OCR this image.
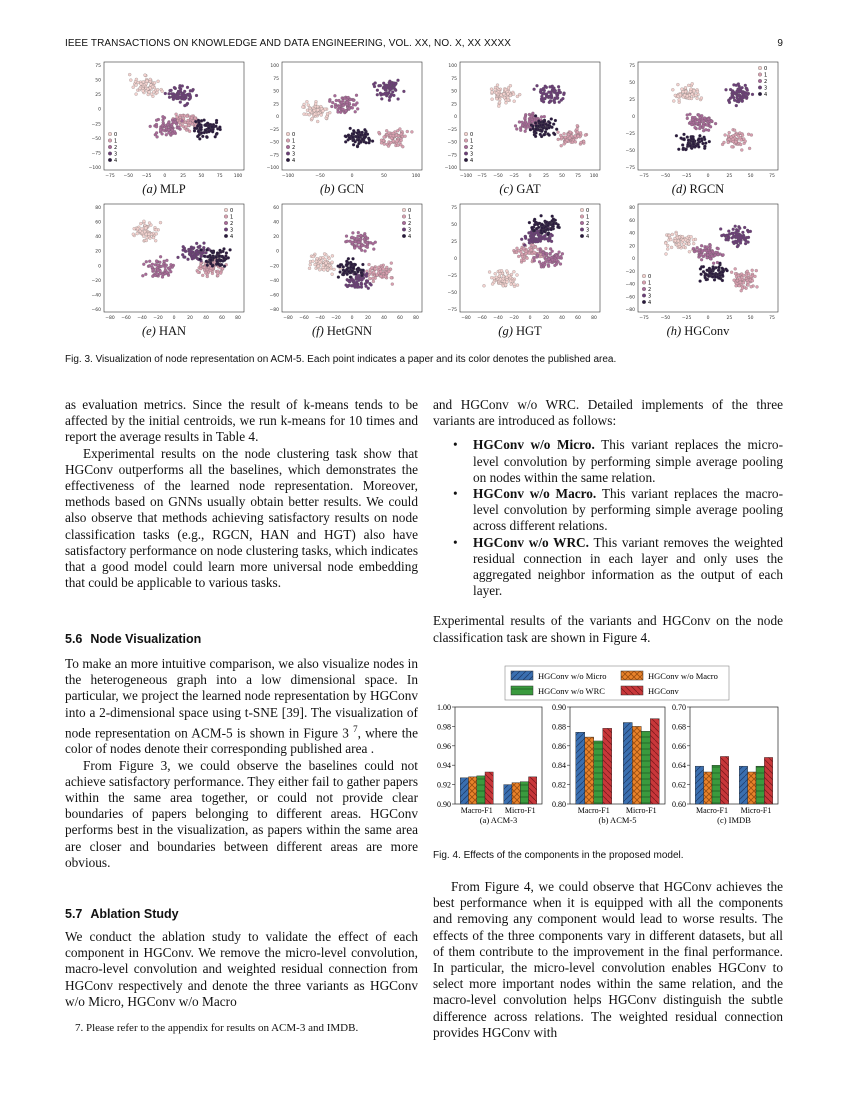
IEEE TRANSACTIONS ON KNOWLEDGE AND DATA ENGINEERING, VOL. XX, NO. X, XX XXXX	9
75
50
25
0
−25
−50
−75
−100
−75 −50 −25	0	25	50	75 100
0
1
2
3
4
(a) MLP
100
75
50
25
0
−25
−50
−75
−100
−100	−50	0	50	100
0
1
2
3
4
(b) GCN
100
75
50
25
0
−25
−50
−75
−100
−100 −75 −50 −25 0	25 50 75 100
0
1
2
3
4
(c) GAT
75
50
25
0
−25
−50
−75
−75	−50	−25	0	25	50	75
0
1
2
3
4
(d) RGCN
80
60
40
20
0
−20
−40
−60
−80 −60 −40 −20 0	20 40 60 80
0
1
2
3
4
(e) HAN
60
40
20
0
−20
−40
−60
−80
−80 −60 −40 −20 0	20 40 60 80
0
1
2
3
4
(f) HetGNN
75
50
25
0
−25
−50
−75
−80 −60 −40 −20 0	20 40 60 80
0
1
2
3
4
(g) HGT
80
60
40
20
0
−20
−40
−60
−80
−75	−50	−25	0	25	50	75
0
1
2
3
4
(h) HGConv
Fig. 3. Visualization of node representation on ACM-5. Each point indicates a paper and its color denotes the published area.

as evaluation metrics. Since the result of k-means tends to be affected by the initial centroids, we run k-means for 10 times and report the average results in Table 4.

Experimental results on the node clustering task show that HGConv outperforms all the baselines, which demonstrates the effectiveness of the learned node representation. Moreover, methods based on GNNs usually obtain better results. We could also observe that methods achieving satisfactory results on node classification tasks (e.g., RGCN, HAN and HGT) also have satisfactory performance on node clustering tasks, which indicates that a good model could learn more universal node embedding that could be applicable to various tasks.

5.6 Node Visualization

To make an more intuitive comparison, we also visualize nodes in the heterogeneous graph into a low dimensional space. In particular, we project the learned node representation by HGConv into a 2-dimensional space using t-SNE [39]. The visualization of node representation on ACM-5 is shown in Figure 3 $^7$, where the color of nodes denote their corresponding published area .

From Figure 3, we could observe the baselines could not achieve satisfactory performance. They either fail to gather papers within the same area together, or could not provide clear boundaries of papers belonging to different areas. HGConv performs best in the visualization, as papers within the same area are closer and boundaries between different areas are more obvious.

5.7 Ablation Study

We conduct the ablation study to validate the effect of each component in HGConv. We remove the micro-level convolution, macro-level convolution and weighted residual connection from HGConv respectively and denote the three variants as HGConv w/o Micro, HGConv w/o Macro

7. Please refer to the appendix for results on ACM-3 and IMDB.

and HGConv w/o WRC. Detailed implements of the three variants are introduced as follows:

• HGConv w/o Micro. This variant replaces the micro-level convolution by performing simple average pooling on nodes within the same relation.
• HGConv w/o Macro. This variant replaces the macro-level convolution by performing simple average pooling across different relations.
• HGConv w/o WRC. This variant removes the weighted residual connection in each layer and only uses the aggregated neighbor information as the output of each layer.

Experimental results of the variants and HGConv on the node classification task are shown in Figure 4.

HGConv w/o Micro	HGConv w/o Macro
HGConv w/o WRC	HGConv
0.90
0.92
0.94
0.96
0.98
1.00
Macro-F1 Micro-F1
(a) ACM-3
0.80
0.82
0.84
0.86
0.88
0.90
Macro-F1 Micro-F1
(b) ACM-5
0.60
0.62
0.64
0.66
0.68
0.70
Macro-F1 Micro-F1
(c) IMDB
Fig. 4. Effects of the components in the proposed model.

From Figure 4, we could observe that HGConv achieves the best performance when it is equipped with all the components and removing any component would lead to worse results. The effects of the three components vary in different datasets, but all of them contribute to the improvement in the final performance. In particular, the micro-level convolution enables HGConv to select more important nodes within the same relation, and the macro-level convolution helps HGConv distinguish the subtle difference across relations. The weighted residual connection provides HGConv with
